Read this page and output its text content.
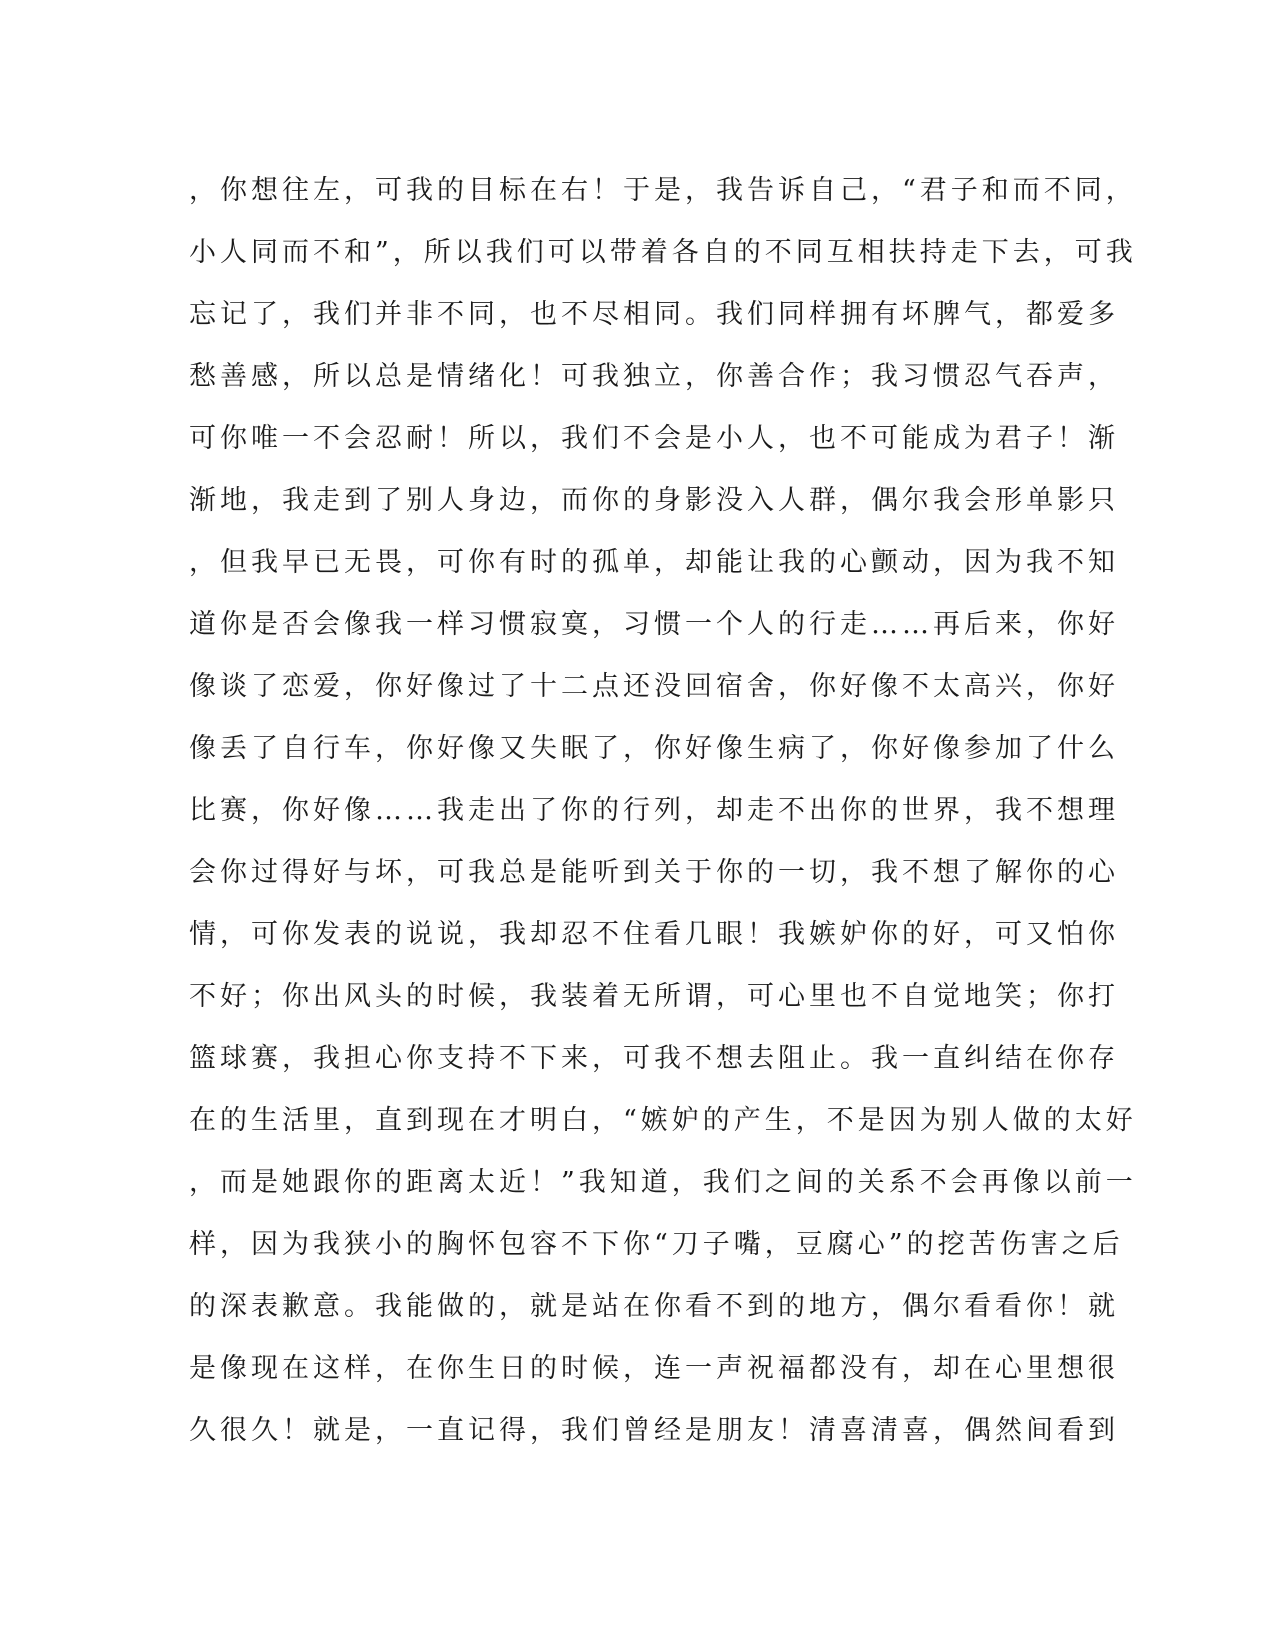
，你想往左，可我的目标在右！于是，我告诉自己，“君子和而不同，
小人同而不和”，所以我们可以带着各自的不同互相扶持走下去，可我
忘记了，我们并非不同，也不尽相同。我们同样拥有坏脾气，都爱多
愁善感，所以总是情绪化！可我独立，你善合作；我习惯忍气吞声，
可你唯一不会忍耐！所以，我们不会是小人，也不可能成为君子！渐
渐地，我走到了别人身边，而你的身影没入人群，偶尔我会形单影只
，但我早已无畏，可你有时的孤单，却能让我的心颤动，因为我不知
道你是否会像我一样习惯寂寞，习惯一个人的行走……再后来，你好
像谈了恋爱，你好像过了十二点还没回宿舍，你好像不太高兴，你好
像丢了自行车，你好像又失眠了，你好像生病了，你好像参加了什么
比赛，你好像……我走出了你的行列，却走不出你的世界，我不想理
会你过得好与坏，可我总是能听到关于你的一切，我不想了解你的心
情，可你发表的说说，我却忍不住看几眼！我嫉妒你的好，可又怕你
不好；你出风头的时候，我装着无所谓，可心里也不自觉地笑；你打
篮球赛，我担心你支持不下来，可我不想去阻止。我一直纠结在你存
在的生活里，直到现在才明白，“嫉妒的产生，不是因为别人做的太好
，而是她跟你的距离太近！”我知道，我们之间的关系不会再像以前一
样，因为我狭小的胸怀包容不下你“刀子嘴，豆腐心”的挖苦伤害之后
的深表歉意。我能做的，就是站在你看不到的地方，偶尔看看你！就
是像现在这样，在你生日的时候，连一声祝福都没有，却在心里想很
久很久！就是，一直记得，我们曾经是朋友！清喜清喜，偶然间看到
